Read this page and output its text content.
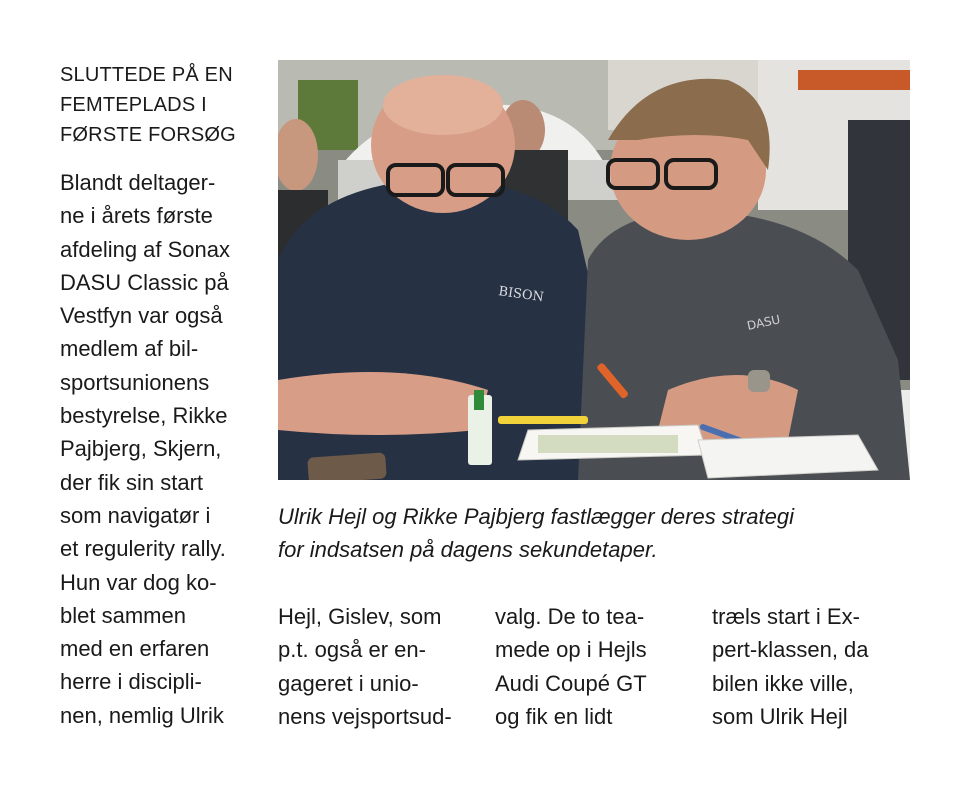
SLUTTEDE PÅ EN
FEMTEPLADS I
FØRSTE FORSØG
Blandt deltager-
ne i årets første
afdeling af Sonax
DASU Classic på
Vestfyn var også
medlem af bil-
sportsunionens
bestyrelse, Rikke
Pajbjerg, Skjern,
der fik sin start
som navigatør i
et regulerity rally.
Hun var dog ko-
blet sammen
med en erfaren
herre i discipli-
nen, nemlig Ulrik
BISON
DASU
Ulrik Hejl og Rikke Pajbjerg fastlægger deres strategi
for indsatsen på dagens sekundetaper.
Hejl, Gislev, som
p.t. også er en-
gageret i unio-
nens vejsportsud-
valg. De to tea-
mede op i Hejls
Audi Coupé GT
og fik en lidt
træls start i Ex-
pert-klassen, da
bilen ikke ville,
som Ulrik Hejl
